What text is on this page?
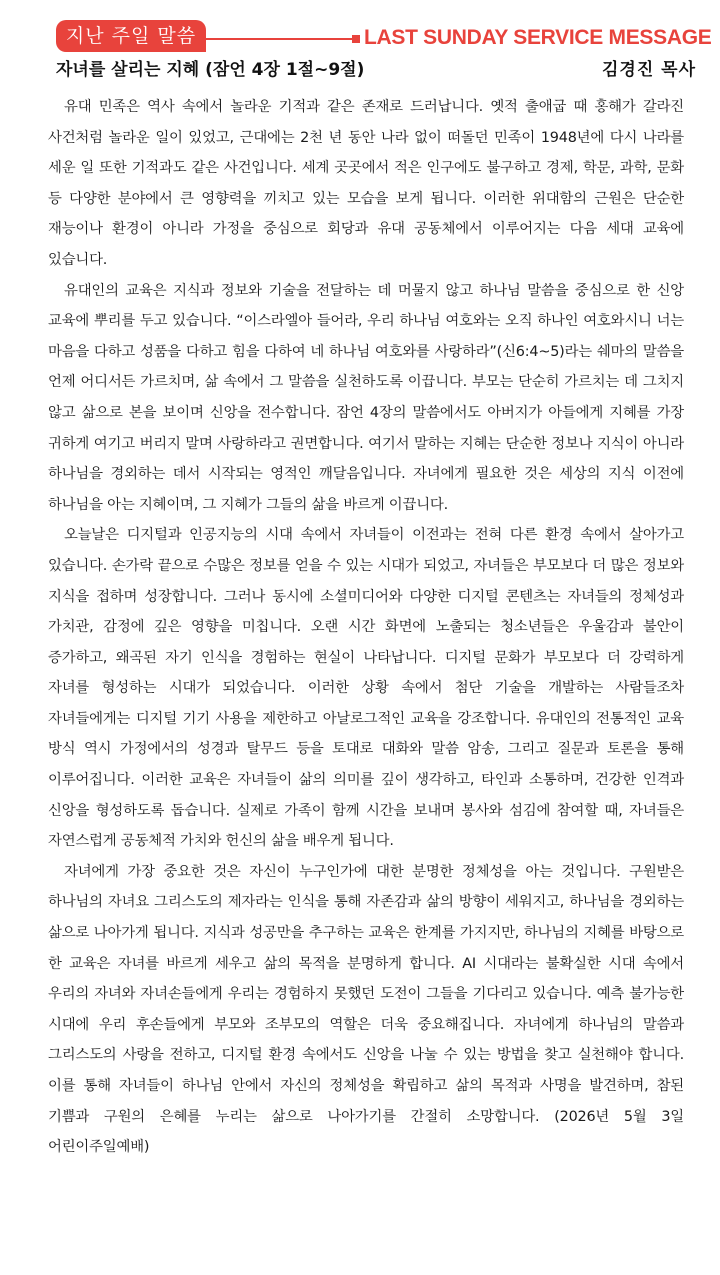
지난 주일 말씀	LAST SUNDAY SERVICE MESSAGE
자녀를 살리는 지혜 (잠언 4장 1절~9절)	김경진 목사

유대 민족은 역사 속에서 놀라운 기적과 같은 존재로 드러납니다. 옛적 출애굽 때 홍해가 갈라진 사건처럼 놀라운 일이 있었고, 근대에는 2천 년 동안 나라 없이 떠돌던 민족이 1948년에 다시 나라를 세운 일 또한 기적과도 같은 사건입니다. 세계 곳곳에서 적은 인구에도 불구하고 경제, 학문, 과학, 문화 등 다양한 분야에서 큰 영향력을 끼치고 있는 모습을 보게 됩니다. 이러한 위대함의 근원은 단순한 재능이나 환경이 아니라 가정을 중심으로 회당과 유대 공동체에서 이루어지는 다음 세대 교육에 있습니다.

유대인의 교육은 지식과 정보와 기술을 전달하는 데 머물지 않고 하나님 말씀을 중심으로 한 신앙 교육에 뿌리를 두고 있습니다. “이스라엘아 들어라, 우리 하나님 여호와는 오직 하나인 여호와시니 너는 마음을 다하고 성품을 다하고 힘을 다하여 네 하나님 여호와를 사랑하라”(신6:4~5)라는 쉐마의 말씀을 언제 어디서든 가르치며, 삶 속에서 그 말씀을 실천하도록 이끕니다. 부모는 단순히 가르치는 데 그치지 않고 삶으로 본을 보이며 신앙을 전수합니다. 잠언 4장의 말씀에서도 아버지가 아들에게 지혜를 가장 귀하게 여기고 버리지 말며 사랑하라고 권면합니다. 여기서 말하는 지혜는 단순한 정보나 지식이 아니라 하나님을 경외하는 데서 시작되는 영적인 깨달음입니다. 자녀에게 필요한 것은 세상의 지식 이전에 하나님을 아는 지혜이며, 그 지혜가 그들의 삶을 바르게 이끕니다.

오늘날은 디지털과 인공지능의 시대 속에서 자녀들이 이전과는 전혀 다른 환경 속에서 살아가고 있습니다. 손가락 끝으로 수많은 정보를 얻을 수 있는 시대가 되었고, 자녀들은 부모보다 더 많은 정보와 지식을 접하며 성장합니다. 그러나 동시에 소셜미디어와 다양한 디지털 콘텐츠는 자녀들의 정체성과 가치관, 감정에 깊은 영향을 미칩니다. 오랜 시간 화면에 노출되는 청소년들은 우울감과 불안이 증가하고, 왜곡된 자기 인식을 경험하는 현실이 나타납니다. 디지털 문화가 부모보다 더 강력하게 자녀를 형성하는 시대가 되었습니다. 이러한 상황 속에서 첨단 기술을 개발하는 사람들조차 자녀들에게는 디지털 기기 사용을 제한하고 아날로그적인 교육을 강조합니다. 유대인의 전통적인 교육 방식 역시 가정에서의 성경과 탈무드 등을 토대로 대화와 말씀 암송, 그리고 질문과 토론을 통해 이루어집니다. 이러한 교육은 자녀들이 삶의 의미를 깊이 생각하고, 타인과 소통하며, 건강한 인격과 신앙을 형성하도록 돕습니다. 실제로 가족이 함께 시간을 보내며 봉사와 섬김에 참여할 때, 자녀들은 자연스럽게 공동체적 가치와 헌신의 삶을 배우게 됩니다.

자녀에게 가장 중요한 것은 자신이 누구인가에 대한 분명한 정체성을 아는 것입니다. 구원받은 하나님의 자녀요 그리스도의 제자라는 인식을 통해 자존감과 삶의 방향이 세워지고, 하나님을 경외하는 삶으로 나아가게 됩니다. 지식과 성공만을 추구하는 교육은 한계를 가지지만, 하나님의 지혜를 바탕으로 한 교육은 자녀를 바르게 세우고 삶의 목적을 분명하게 합니다. AI 시대라는 불확실한 시대 속에서 우리의 자녀와 자녀손들에게 우리는 경험하지 못했던 도전이 그들을 기다리고 있습니다. 예측 불가능한 시대에 우리 후손들에게 부모와 조부모의 역할은 더욱 중요해집니다. 자녀에게 하나님의 말씀과 그리스도의 사랑을 전하고, 디지털 환경 속에서도 신앙을 나눌 수 있는 방법을 찾고 실천해야 합니다. 이를 통해 자녀들이 하나님 안에서 자신의 정체성을 확립하고 삶의 목적과 사명을 발견하며, 참된 기쁨과 구원의 은혜를 누리는 삶으로 나아가기를 간절히 소망합니다. (2026년 5월 3일 어린이주일예배)
